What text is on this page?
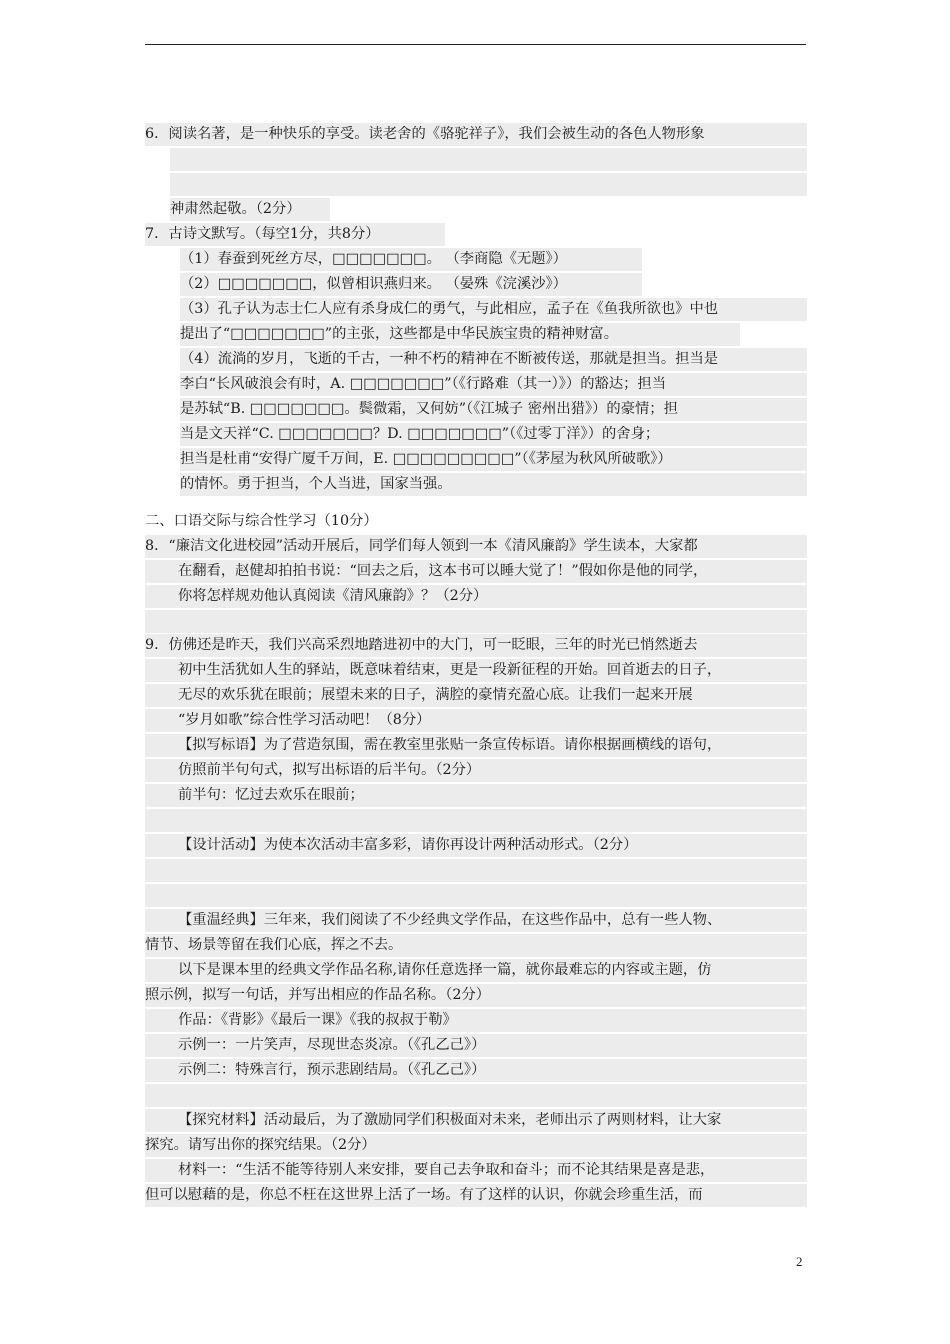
6．阅读名著，是一种快乐的享受。读老舍的《骆驼祥子》，我们会被生动的各色人物形象

神肃然起敬。（2分）
7．古诗文默写。（每空1分，共8分）
（1）春蚕到死丝方尽，□□□□□□□。 （李商隐《无题》）
（2）□□□□□□□，似曾相识燕归来。 （晏殊《浣溪沙》）
（3）孔子认为志士仁人应有杀身成仁的勇气，与此相应，孟子在《鱼我所欲也》中也
提出了“□□□□□□□”的主张，这些都是中华民族宝贵的精神财富。
（4）流淌的岁月，飞逝的千古，一种不朽的精神在不断被传送，那就是担当。担当是
李白“长风破浪会有时，A. □□□□□□□”（《行路难（其一）》）的豁达；担当
是苏轼“B. □□□□□□□。鬓微霜，又何妨”（《江城子 密州出猎》）的豪情；担
当是文天祥“C. □□□□□□□？D. □□□□□□□”（《过零丁洋》）的舍身；
担当是杜甫“安得广厦千万间，E. □□□□□□□□□”（《茅屋为秋风所破歌》）
的情怀。勇于担当，个人当进，国家当强。
二、口语交际与综合性学习（10分）
8．“廉洁文化进校园”活动开展后，同学们每人领到一本《清风廉韵》学生读本，大家都
在翻看，赵健却拍拍书说：“回去之后，这本书可以睡大觉了！”假如你是他的同学，
你将怎样规劝他认真阅读《清风廉韵》？（2分）
9．仿佛还是昨天，我们兴高采烈地踏进初中的大门，可一眨眼，三年的时光已悄然逝去
初中生活犹如人生的驿站，既意味着结束，更是一段新征程的开始。回首逝去的日子，
无尽的欢乐犹在眼前；展望未来的日子，满腔的豪情充盈心底。让我们一起来开展
“岁月如歌”综合性学习活动吧！（8分）
【拟写标语】为了营造氛围，需在教室里张贴一条宣传标语。请你根据画横线的语句，
仿照前半句句式，拟写出标语的后半句。（2分）
前半句：忆过去欢乐在眼前；

【设计活动】为使本次活动丰富多彩，请你再设计两种活动形式。（2分）

【重温经典】三年来，我们阅读了不少经典文学作品，在这些作品中，总有一些人物、
情节、场景等留在我们心底，挥之不去。
以下是课本里的经典文学作品名称,请你任意选择一篇，就你最难忘的内容或主题，仿
照示例，拟写一句话，并写出相应的作品名称。（2分）
作品：《背影》《最后一课》《我的叔叔于勒》
示例一：一片笑声，尽现世态炎凉。（《孔乙己》）
示例二：特殊言行，预示悲剧结局。（《孔乙己》）

【探究材料】活动最后，为了激励同学们积极面对未来，老师出示了两则材料，让大家
探究。请写出你的探究结果。（2分）
材料一：“生活不能等待别人来安排，要自己去争取和奋斗；而不论其结果是喜是悲，
但可以慰藉的是，你总不枉在这世界上活了一场。有了这样的认识，你就会珍重生活，而
2
